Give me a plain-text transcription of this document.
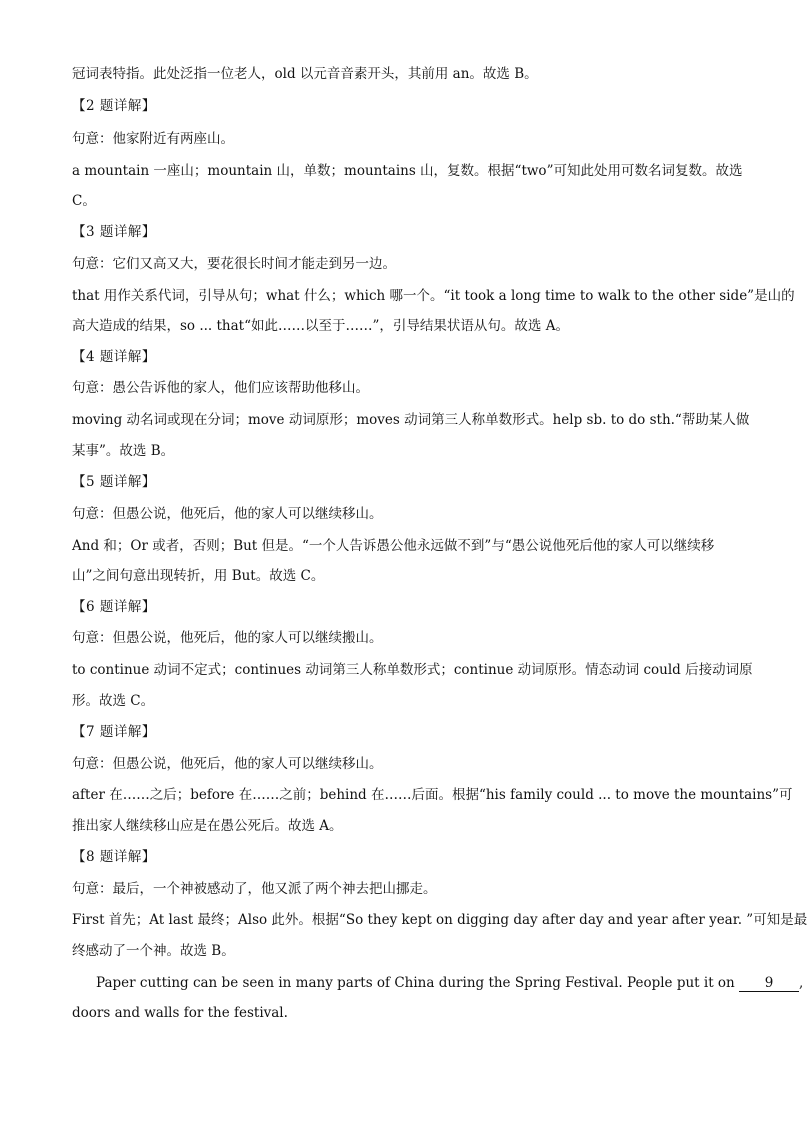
冠词表特指。此处泛指一位老人，old 以元音音素开头，其前用 an。故选 B。
【2 题详解】
句意：他家附近有两座山。
a mountain 一座山；mountain 山，单数；mountains 山，复数。根据“two”可知此处用可数名词复数。故选
C。
【3 题详解】
句意：它们又高又大，要花很长时间才能走到另一边。
that 用作关系代词，引导从句；what 什么；which 哪一个。“it took a long time to walk to the other side”是山的
高大造成的结果，so ... that“如此……以至于……”，引导结果状语从句。故选 A。
【4 题详解】
句意：愚公告诉他的家人，他们应该帮助他移山。
moving 动名词或现在分词；move 动词原形；moves 动词第三人称单数形式。help sb. to do sth.“帮助某人做
某事”。故选 B。
【5 题详解】
句意：但愚公说，他死后，他的家人可以继续移山。
And 和；Or 或者，否则；But 但是。“一个人告诉愚公他永远做不到”与“愚公说他死后他的家人可以继续移
山”之间句意出现转折，用 But。故选 C。
【6 题详解】
句意：但愚公说，他死后，他的家人可以继续搬山。
to continue 动词不定式；continues 动词第三人称单数形式；continue 动词原形。情态动词 could 后接动词原
形。故选 C。
【7 题详解】
句意：但愚公说，他死后，他的家人可以继续移山。
after 在……之后；before 在……之前；behind 在……后面。根据“his family could ... to move the mountains”可
推出家人继续移山应是在愚公死后。故选 A。
【8 题详解】
句意：最后，一个神被感动了，他又派了两个神去把山挪走。
First 首先；At last 最终；Also 此外。根据“So they kept on digging day after day and year after year. ”可知是最
终感动了一个神。故选 B。
Paper cutting can be seen in many parts of China during the Spring Festival. People put it on 9 ,
doors and walls for the festival.
